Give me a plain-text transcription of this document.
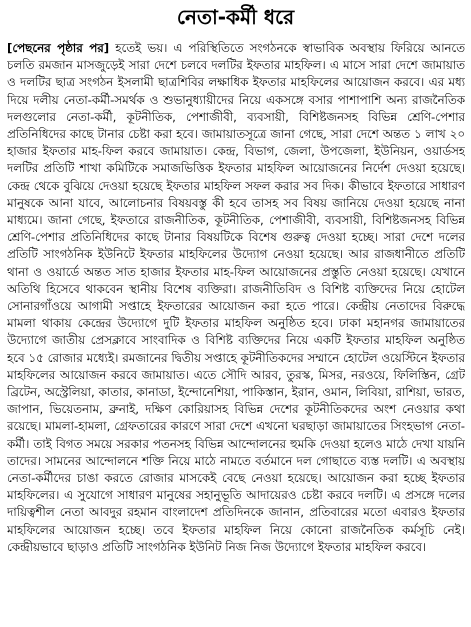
নেতা-কর্মী ধরে

[পেছনের পৃষ্ঠার পর] হতেই ভয়। এ পরিস্থিতিতে সংগঠনকে স্বাভাবিক অবস্থায় ফিরিয়ে আনতে চলতি রমজান মাসজুড়েই সারা দেশে চলবে দলটির ইফতার মাহফিল। এ মাসে সারা দেশে জামায়াত ও দলটির ছাত্র সংগঠন ইসলামী ছাত্রশিবির লক্ষাধিক ইফতার মাহফিলের আয়োজন করবে। এর মধ্য দিয়ে দলীয় নেতা-কর্মী-সমর্থক ও শুভানুধ্যায়ীদের নিয়ে একসঙ্গে বসার পাশাপাশি অন্য রাজনৈতিক দলগুলোর নেতা-কর্মী, কূটনীতিক, পেশাজীবী, ব্যবসায়ী, বিশিষ্টজনসহ বিভিন্ন শ্রেণি-পেশার প্রতিনিধিদের কাছে টানার চেষ্টা করা হবে। জামায়াতসূত্রে জানা গেছে, সারা দেশে অন্তত ১ লাখ ২০ হাজার ইফতার মাহ-ফিল করবে জামায়াত। কেন্দ্র, বিভাগ, জেলা, উপজেলা, ইউনিয়ন, ওয়ার্ডসহ দলটির প্রতিটি শাখা কমিটিকে সমাজভিত্তিক ইফতার মাহফিল আয়োজনের নির্দেশ দেওয়া হয়েছে। কেন্দ্র থেকে বুঝিয়ে দেওয়া হয়েছে ইফতার মাহফিল সফল করার সব দিক। কীভাবে ইফতারে সাধারণ মানুষকে আনা যাবে, আলোচনার বিষয়বস্তু কী হবে তাসহ সব বিষয় জানিয়ে দেওয়া হয়েছে নানা মাধ্যমে। জানা গেছে, ইফতারে রাজনীতিক, কূটনীতিক, পেশাজীবী, ব্যবসায়ী, বিশিষ্টজনসহ বিভিন্ন শ্রেণি-পেশার প্রতিনিধিদের কাছে টানার বিষয়টিকে বিশেষ গুরুত্ব দেওয়া হচ্ছে। সারা দেশে দলের প্রতিটি সাংগঠনিক ইউনিটে ইফতার মাহফিলের উদ্যোগ নেওয়া হয়েছে। আর রাজধানীতে প্রতিটি থানা ও ওয়ার্ডে অন্তত সাত হাজার ইফতার মাহ-ফিল আয়োজনের প্রস্তুতি নেওয়া হয়েছে। যেখানে অতিথি হিসেবে থাকবেন স্থানীয় বিশেষ ব্যক্তিরা। রাজনীতিবিদ ও বিশিষ্ট ব্যক্তিদের নিয়ে হোটেল সোনারগাঁওয়ে আগামী সপ্তাহে ইফতারের আয়োজন করা হতে পারে। কেন্দ্রীয় নেতাদের বিরুদ্ধে মামলা থাকায় কেন্দ্রের উদ্যোগে দুটি ইফতার মাহফিল অনুষ্ঠিত হবে। ঢাকা মহানগর জামায়াতের উদ্যোগে জাতীয় প্রেসক্লাবে সাংবাদিক ও বিশিষ্ট ব্যক্তিদের নিয়ে একটি ইফতার মাহফিল অনুষ্ঠিত হবে ১৫ রোজার মধ্যেই। রমজানের দ্বিতীয় সপ্তাহে কূটনীতিকদের সম্মানে হোটেল ওয়েস্টিনে ইফতার মাহফিলের আয়োজন করবে জামায়াত। এতে সৌদি আরব, তুরস্ক, মিসর, নরওয়ে, ফিলিস্তিন, গ্রেট ব্রিটেন, অস্ট্রেলিয়া, কাতার, কানাডা, ইন্দোনেশিয়া, পাকিস্তান, ইরান, ওমান, লিবিয়া, রাশিয়া, ভারত, জাপান, ভিয়েতনাম, ব্রুনাই, দক্ষিণ কোরিয়াসহ বিভিন্ন দেশের কূটনীতিকদের অংশ নেওয়ার কথা রয়েছে। মামলা-হামলা, গ্রেফতারের কারণে সারা দেশে এখনো ঘরছাড়া জামায়াতের সিংহভাগ নেতা-কর্মী। তাই বিগত সময়ে সরকার পতনসহ বিভিন্ন আন্দোলনের হুমকি দেওয়া হলেও মাঠে দেখা যায়নি তাদের। সামনের আন্দোলনে শক্তি নিয়ে মাঠে নামতে বর্তমানে দল গোছাতে ব্যস্ত দলটি। এ অবস্থায় নেতা-কর্মীদের চাঙা করতে রোজার মাসকেই বেছে নেওয়া হয়েছে। আয়োজন করা হচ্ছে ইফতার মাহফিলের। এ সুযোগে সাধারণ মানুষের সহানুভূতি আদায়েরও চেষ্টা করবে দলটি। এ প্রসঙ্গে দলের দায়িত্বশীল নেতা আবদুর রহমান বাংলাদেশ প্রতিদিনকে জানান, প্রতিবারের মতো এবারও ইফতার মাহফিলের আয়োজন হচ্ছে। তবে ইফতার মাহফিল নিয়ে কোনো রাজনৈতিক কর্মসূচি নেই। কেন্দ্রীয়ভাবে ছাড়াও প্রতিটি সাংগঠনিক ইউনিট নিজ নিজ উদ্যোগে ইফতার মাহফিল করবে।
